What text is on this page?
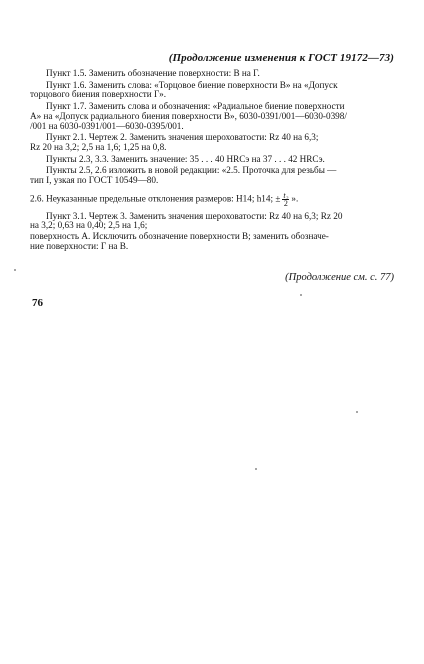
(Продолжение изменения к ГОСТ 19172—73)

Пункт 1.5. Заменить обозначение поверхности: В на Г.

Пункт 1.6. Заменить слова: «Торцовое биение поверхности В» на «Допуск
торцового биения поверхности Г».

Пункт 1.7. Заменить слова и обозначения: «Радиальное биение поверхности
А» на «Допуск радиального биения поверхности В», 6030-0391/001—6030-0398/
/001 на 6030-0391/001—6030-0395/001.

Пункт 2.1. Чертеж 2. Заменить значения шероховатости: Rz 40 на 6,3;
Rz 20 на 3,2; 2,5 на 1,6; 1,25 на 0,8.

Пункты 2.3, 3.3. Заменить значение: 35 . . . 40 HRCэ на 37 . . . 42 HRCэ.

Пункты 2.5, 2.6 изложить в новой редакции: «2.5. Проточка для резьбы —
тип I, узкая по ГОСТ 10549—80.

2.6. Неуказанные предельные отклонения размеров: H14; h14; ± $\frac{\text{t₂}}{2}$ ».

Пункт 3.1. Чертеж 3. Заменить значения шероховатости: Rz 40 на 6,3; Rz 20
на 3,2; 0,63 на 0,40; 2,5 на 1,6;

поверхность А. Исключить обозначение поверхности В; заменить обозначе-
ние поверхности: Г на В.

(Продолжение см. с. 77)
76
